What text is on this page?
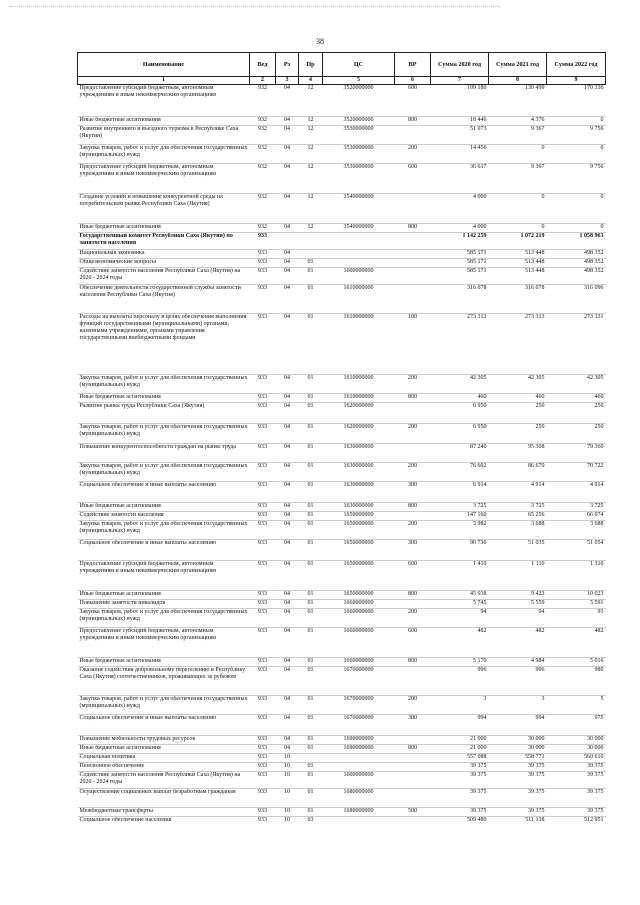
38
Наименование	Вед	Рз	Пр	ЦС	ВР	Сумма 2020 год	Сумма 2021 год	Сумма 2022 год
1	2	3	4	5	6	7	8	9
Предоставление субсидий бюджетным, автономным учреждениям и иным некоммерческим организациям	932	04	12	3520000000	600	199 180	130 499	170 336
Иные бюджетные ассигнования	932	04	12	3520000000	800	18 446	4 376	0
Развитие внутреннего и въездного туризма в Республике Саха (Якутия)	932	04	12	3530000000		51 073	9 367	9 756
Закупка товаров, работ и услуг для обеспечения государственных (муниципальных) нужд	932	04	12	3530000000	200	14 456	0	0
Предоставление субсидий бюджетным, автономным учреждениям и иным некоммерческим организациям	932	04	12	3530000000	600	36 617	9 367	9 756
Создание условий и повышение конкурентной среды на потребительском рынке Республики Саха (Якутия)	932	04	12	3540000000		4 000	0	0
Иные бюджетные ассигнования	932	04	12	3540000000	800	4 000	0	0
Государственный комитет Республики Саха (Якутия) по занятости населения	933					1 142 259	1 072 219	1 058 963
Национальная экономика	933	04				585 171	513 448	498 352
Общеэкономические вопросы	933	04	01			585 171	513 448	498 352
Содействие занятости населения Республики Саха (Якутия) на 2020 - 2024 годы	933	04	01	1600000000		585 171	513 448	498 352
Обеспечение деятельности государственной службы занятости населения Республики Саха (Якутия)	933	04	01	1610000000		316 078	316 078	316 096
Расходы на выплаты персоналу в целях обеспечения выполнения функций государственными (муниципальными) органами, казенными учреждениями, органами управления государственными внебюджетными фондами	933	04	01	1610000000	100	273 313	273 313	273 331
Закупка товаров, работ и услуг для обеспечения государственных (муниципальных) нужд	933	04	01	1610000000	200	42 305	42 305	42 305
Иные бюджетные ассигнования	933	04	01	1610000000	800	460	460	460
Развитие рынка труда Республики Саха (Якутия)	933	04	01	1620000000		6 950	250	250
Закупка товаров, работ и услуг для обеспечения государственных (муниципальных) нужд	933	04	01	1620000000	200	6 950	250	250
Повышение конкурентоспособности граждан на рынке труда	933	04	01	1630000000		87 240	95 308	79 360
Закупка товаров, работ и услуг для обеспечения государственных (муниципальных) нужд	933	04	01	1630000000	200	76 602	86 670	70 722
Социальное обеспечение и иные выплаты населению	933	04	01	1630000000	300	6 914	4 914	4 914
Иные бюджетные ассигнования	933	04	01	1630000000	800	3 725	3 725	3 725
Содействие занятости населения	933	04	01	1650000000		147 160	65 256	66 074
Закупка товаров, работ и услуг для обеспечения государственных (муниципальных) нужд	933	04	01	1650000000	200	3 982	3 688	3 688
Социальное обеспечение и иные выплаты населению	933	04	01	1650000000	300	96 730	51 035	51 054
Предоставление субсидий бюджетным, автономным учреждениям и иным некоммерческим организациям	933	04	01	1650000000	600	1 410	1 110	1 310
Иные бюджетные ассигнования	933	04	01	1650000000	800	45 038	9 423	10 023
Повышение занятости инвалидов	933	04	01	1660000000		5 745	5 559	5 591
Закупка товаров, работ и услуг для обеспечения государственных (муниципальных) нужд	933	04	01	1660000000	200	94	94	93
Предоставление субсидий бюджетным, автономным учреждениям и иным некоммерческим организациям	933	04	01	1660000000	600	482	482	482
Иные бюджетные ассигнования	933	04	01	1660000000	800	5 170	4 984	5 016
Оказание содействия добровольному переселению в Республику Саха (Якутия) соотечественников, проживающих за рубежом	933	04	01	1670000000		996	996	980
Закупка товаров, работ и услуг для обеспечения государственных (муниципальных) нужд	933	04	01	1670000000	200	3	3	5
Социальное обеспечение и иные выплаты населению	933	04	01	1670000000	300	994	994	975
Повышение мобильности трудовых ресурсов	933	04	01	1690000000		21 000	30 000	30 000
Иные бюджетные ассигнования	933	04	01	1690000000	800	21 000	30 000	30 000
Социальная политика	933	10				557 088	558 771	560 610
Пенсионное обеспечение	933	10	01			39 375	39 375	39 375
Содействие занятости населения Республики Саха (Якутия) на 2020 - 2024 годы	933	10	01	1600000000		39 375	39 375	39 375
Осуществление социальных выплат безработным гражданам	933	10	01	1680000000		39 375	39 375	39 375
Межбюджетные трансферты	933	10	01	1680000000	500	39 375	39 375	39 375
Социальное обеспечение населения	933	10	03			509 480	511 138	512 951
